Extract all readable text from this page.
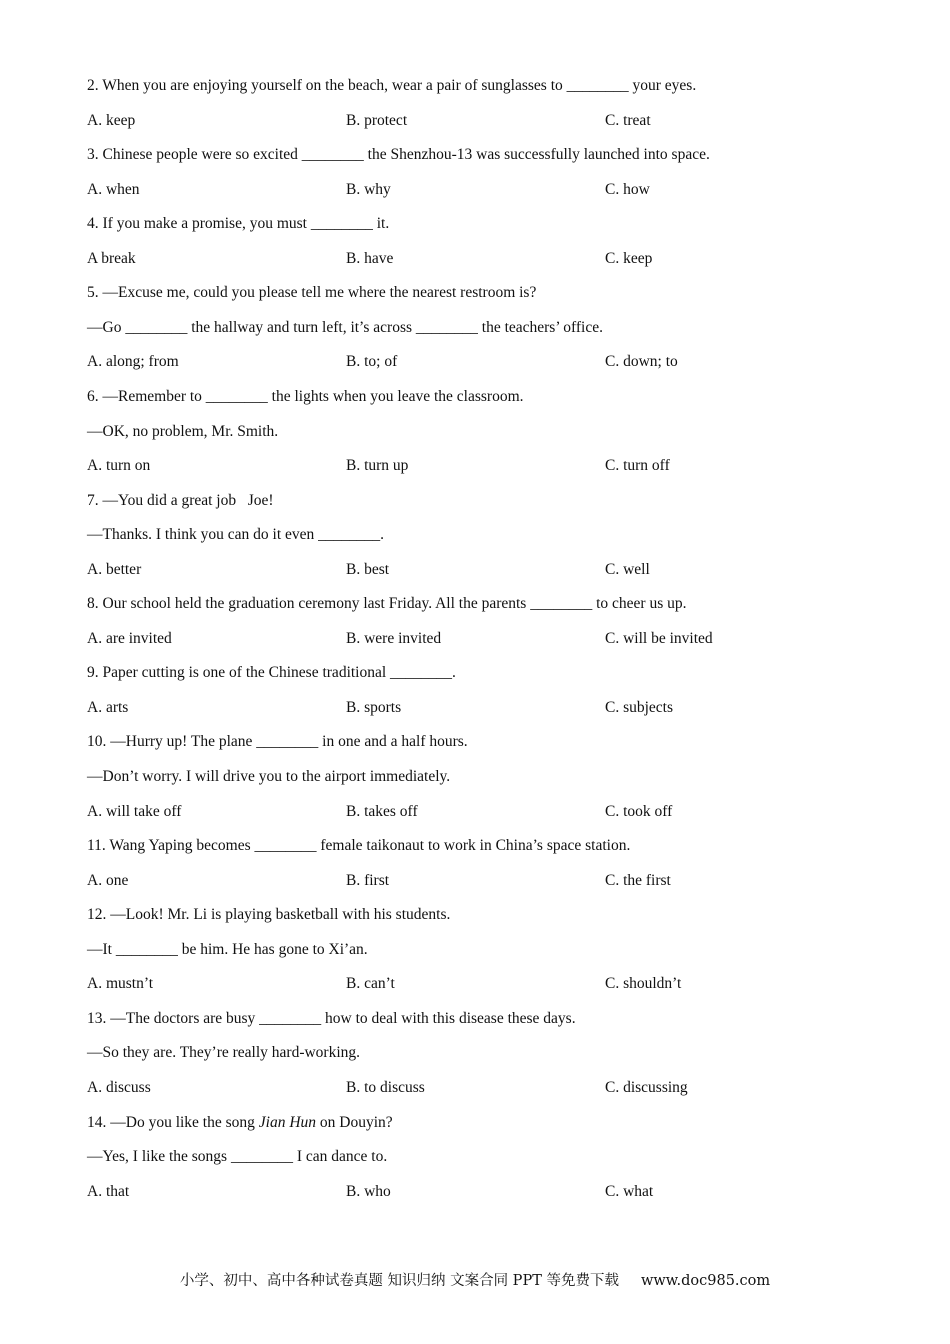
2. When you are enjoying yourself on the beach, wear a pair of sunglasses to ________ your eyes.
A. keep	B. protect	C. treat
3. Chinese people were so excited ________ the Shenzhou-13 was successfully launched into space.
A. when	B. why	C. how
4. If you make a promise, you must ________ it.
A break	B. have	C. keep
5. —Excuse me, could you please tell me where the nearest restroom is?
—Go ________ the hallway and turn left, it’s across ________ the teachers’ office.
A. along; from	B. to; of	C. down; to
6. —Remember to ________ the lights when you leave the classroom.
—OK, no problem, Mr. Smith.
A. turn on	B. turn up	C. turn off
7. —You did a great job   Joe!
—Thanks. I think you can do it even ________.
A. better	B. best	C. well
8. Our school held the graduation ceremony last Friday. All the parents ________ to cheer us up.
A. are invited	B. were invited	C. will be invited
9. Paper cutting is one of the Chinese traditional ________.
A. arts	B. sports	C. subjects
10. —Hurry up! The plane ________ in one and a half hours.
—Don’t worry. I will drive you to the airport immediately.
A. will take off	B. takes off	C. took off
11. Wang Yaping becomes ________ female taikonaut to work in China’s space station.
A. one	B. first	C. the first
12. —Look! Mr. Li is playing basketball with his students.
—It ________ be him. He has gone to Xi’an.
A. mustn’t	B. can’t	C. shouldn’t
13. —The doctors are busy ________ how to deal with this disease these days.
—So they are. They’re really hard-working.
A. discuss	B. to discuss	C. discussing
14. —Do you like the song Jian Hun on Douyin?
—Yes, I like the songs ________ I can dance to.
A. that	B. who	C. what
小学、初中、高中各种试卷真题 知识归纳 文案合同 PPT 等免费下载 www.doc985.com
